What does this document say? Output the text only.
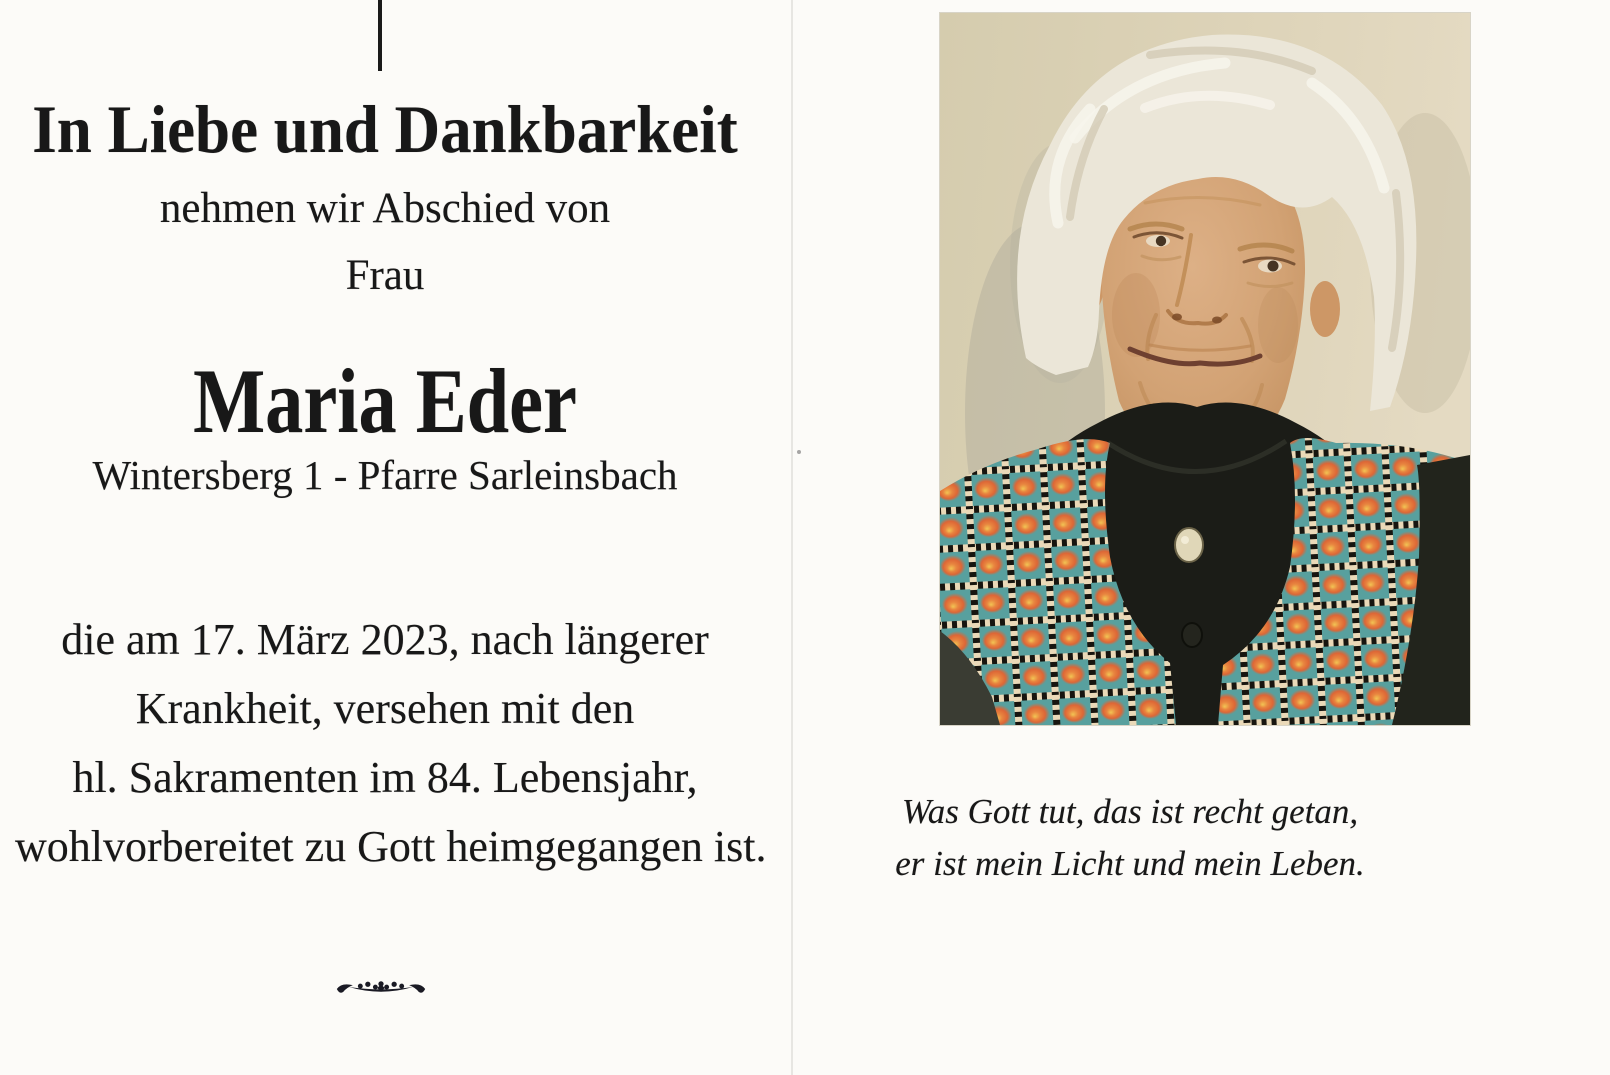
In Liebe und Dankbarkeit
nehmen wir Abschied von
Frau
Maria Eder
Wintersberg 1 - Pfarre Sarleinsbach
die am 17. März 2023, nach längerer
Krankheit, versehen mit den
hl. Sakramenten im 84. Lebensjahr,
wohlvorbereitet zu Gott heimgegangen ist.
Was Gott tut, das ist recht getan,
er ist mein Licht und mein Leben.
